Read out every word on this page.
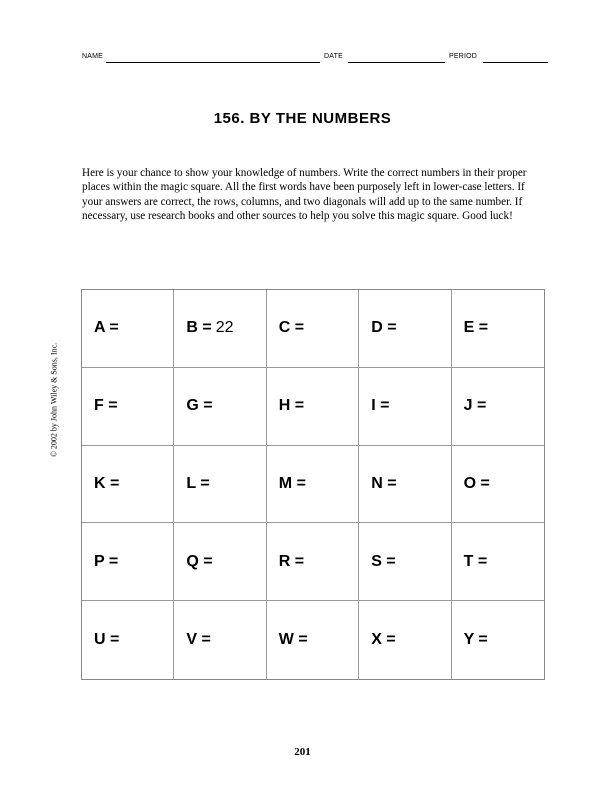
NAME	DATE	PERIOD
156. BY THE NUMBERS
Here is your chance to show your knowledge of numbers. Write the correct numbers in their proper places within the magic square. All the first words have been purposely left in lower-case letters. If your answers are correct, the rows, columns, and two diagonals will add up to the same number. If necessary, use research books and other sources to help you solve this magic square. Good luck!
© 2002 by John Wiley & Sons, Inc.
A =	B = 22	C =	D =	E =
F =	G =	H =	I =	J =
K =	L =	M =	N =	O =
P =	Q =	R =	S =	T =
U =	V =	W =	X =	Y =
201
